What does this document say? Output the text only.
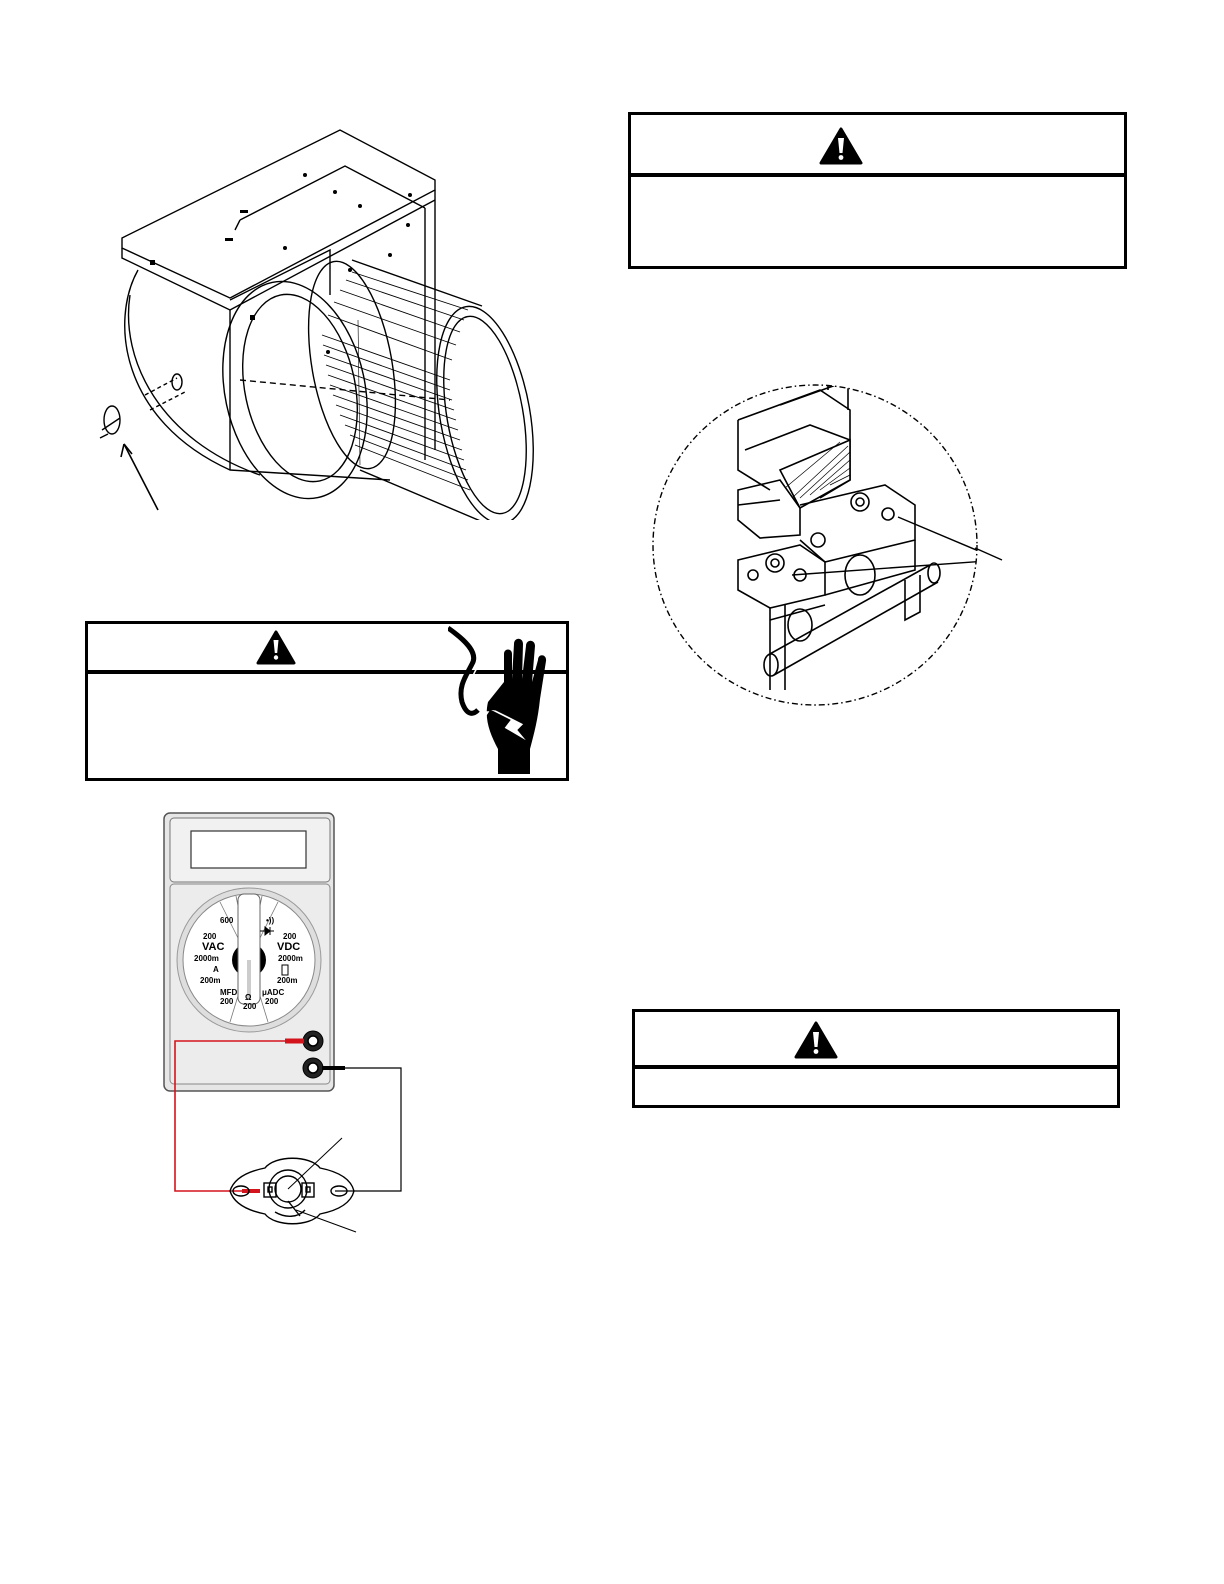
600
200
VAC
2000m
A
200m
MFD
200 Ω
200
μADC
200
200
VDC
2000m
200m
•))
